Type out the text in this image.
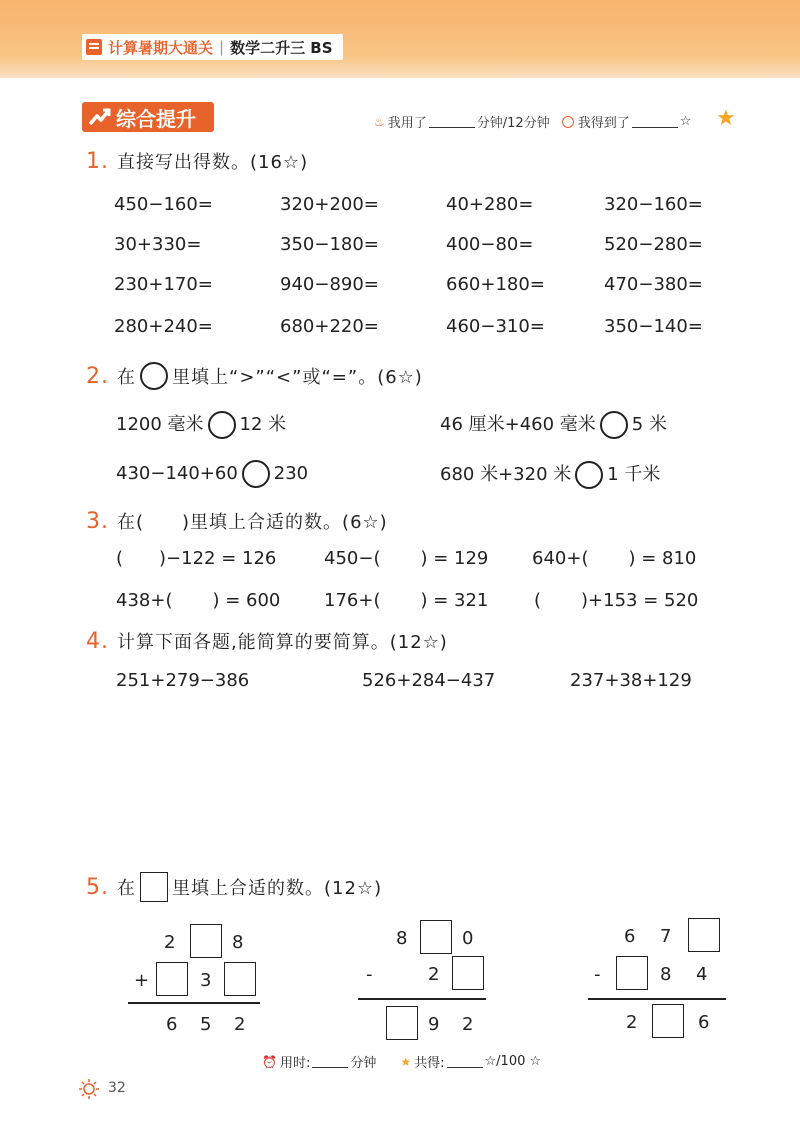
计算暑期大通关 | 数学二升三 BS
综合提升	♨ 我用了	分钟/12分钟 我得到了	☆ ★
1. 直接写出得数。(16☆)
450−160=	320+200=	40+280=	320−160=
30+330=	350−180=	400−80=	520−280=
230+170=	940−890=	660+180=	470−380=
280+240=	680+220=	460−310=	350−140=
2. 在 里填上“>”“<”或“=”。(6☆)
1200 毫米 12 米	46 厘米+460 毫米 5 米
430−140+60 230	680 米+320 米 1 千米
3. 在(　　)里填上合适的数。(6☆)
( )−122 = 126	450−( ) = 129 640+( ) = 810
438+( ) = 600 176+( ) = 321	( )+153 = 520
4. 计算下面各题,能简算的要简算。(12☆)
251+279−386	526+284−437	237+38+129
5. 在 里填上合适的数。(12☆)
2	8
+	3
6 5 2
8	0
-	2
9 2
6 7
-	8 4
2	6
⏰ 用时:	分钟 ★ 共得:	☆/100 ☆
32
